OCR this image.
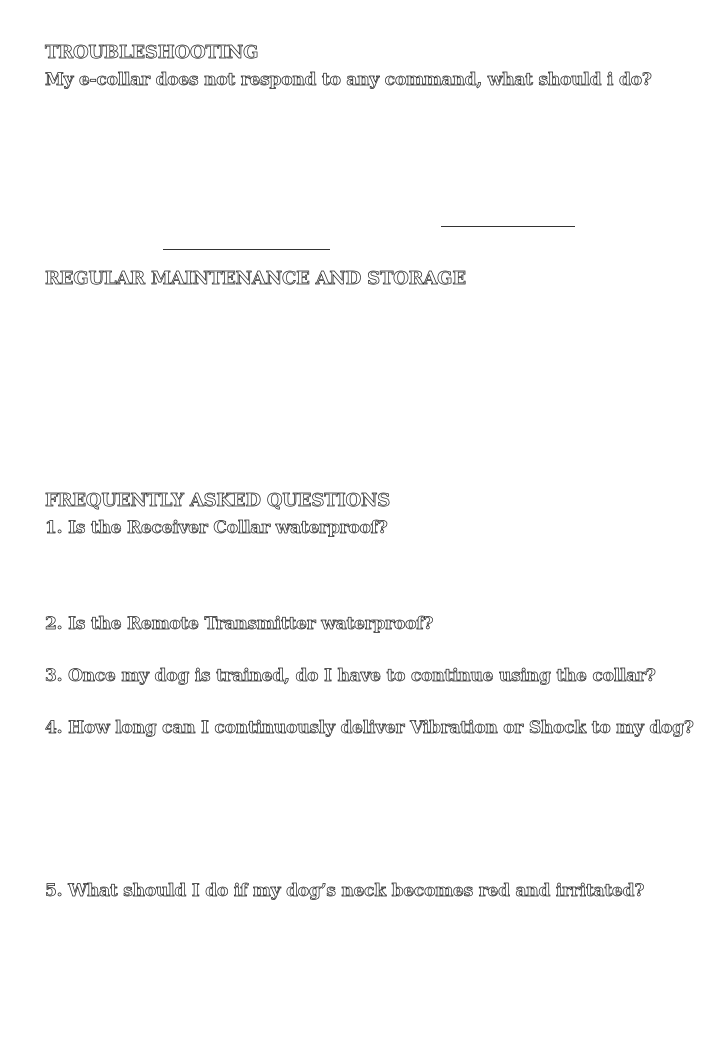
TROUBLESHOOTING
My e-collar does not respond to any command, what should i do?
REGULAR MAINTENANCE AND STORAGE
FREQUENTLY ASKED QUESTIONS
1. Is the Receiver Collar waterproof?
2. Is the Remote Transmitter waterproof?
3. Once my dog is trained, do I have to continue using the collar?
4. How long can I continuously deliver Vibration or Shock to my dog?
5. What should I do if my dog’s neck becomes red and irritated?
